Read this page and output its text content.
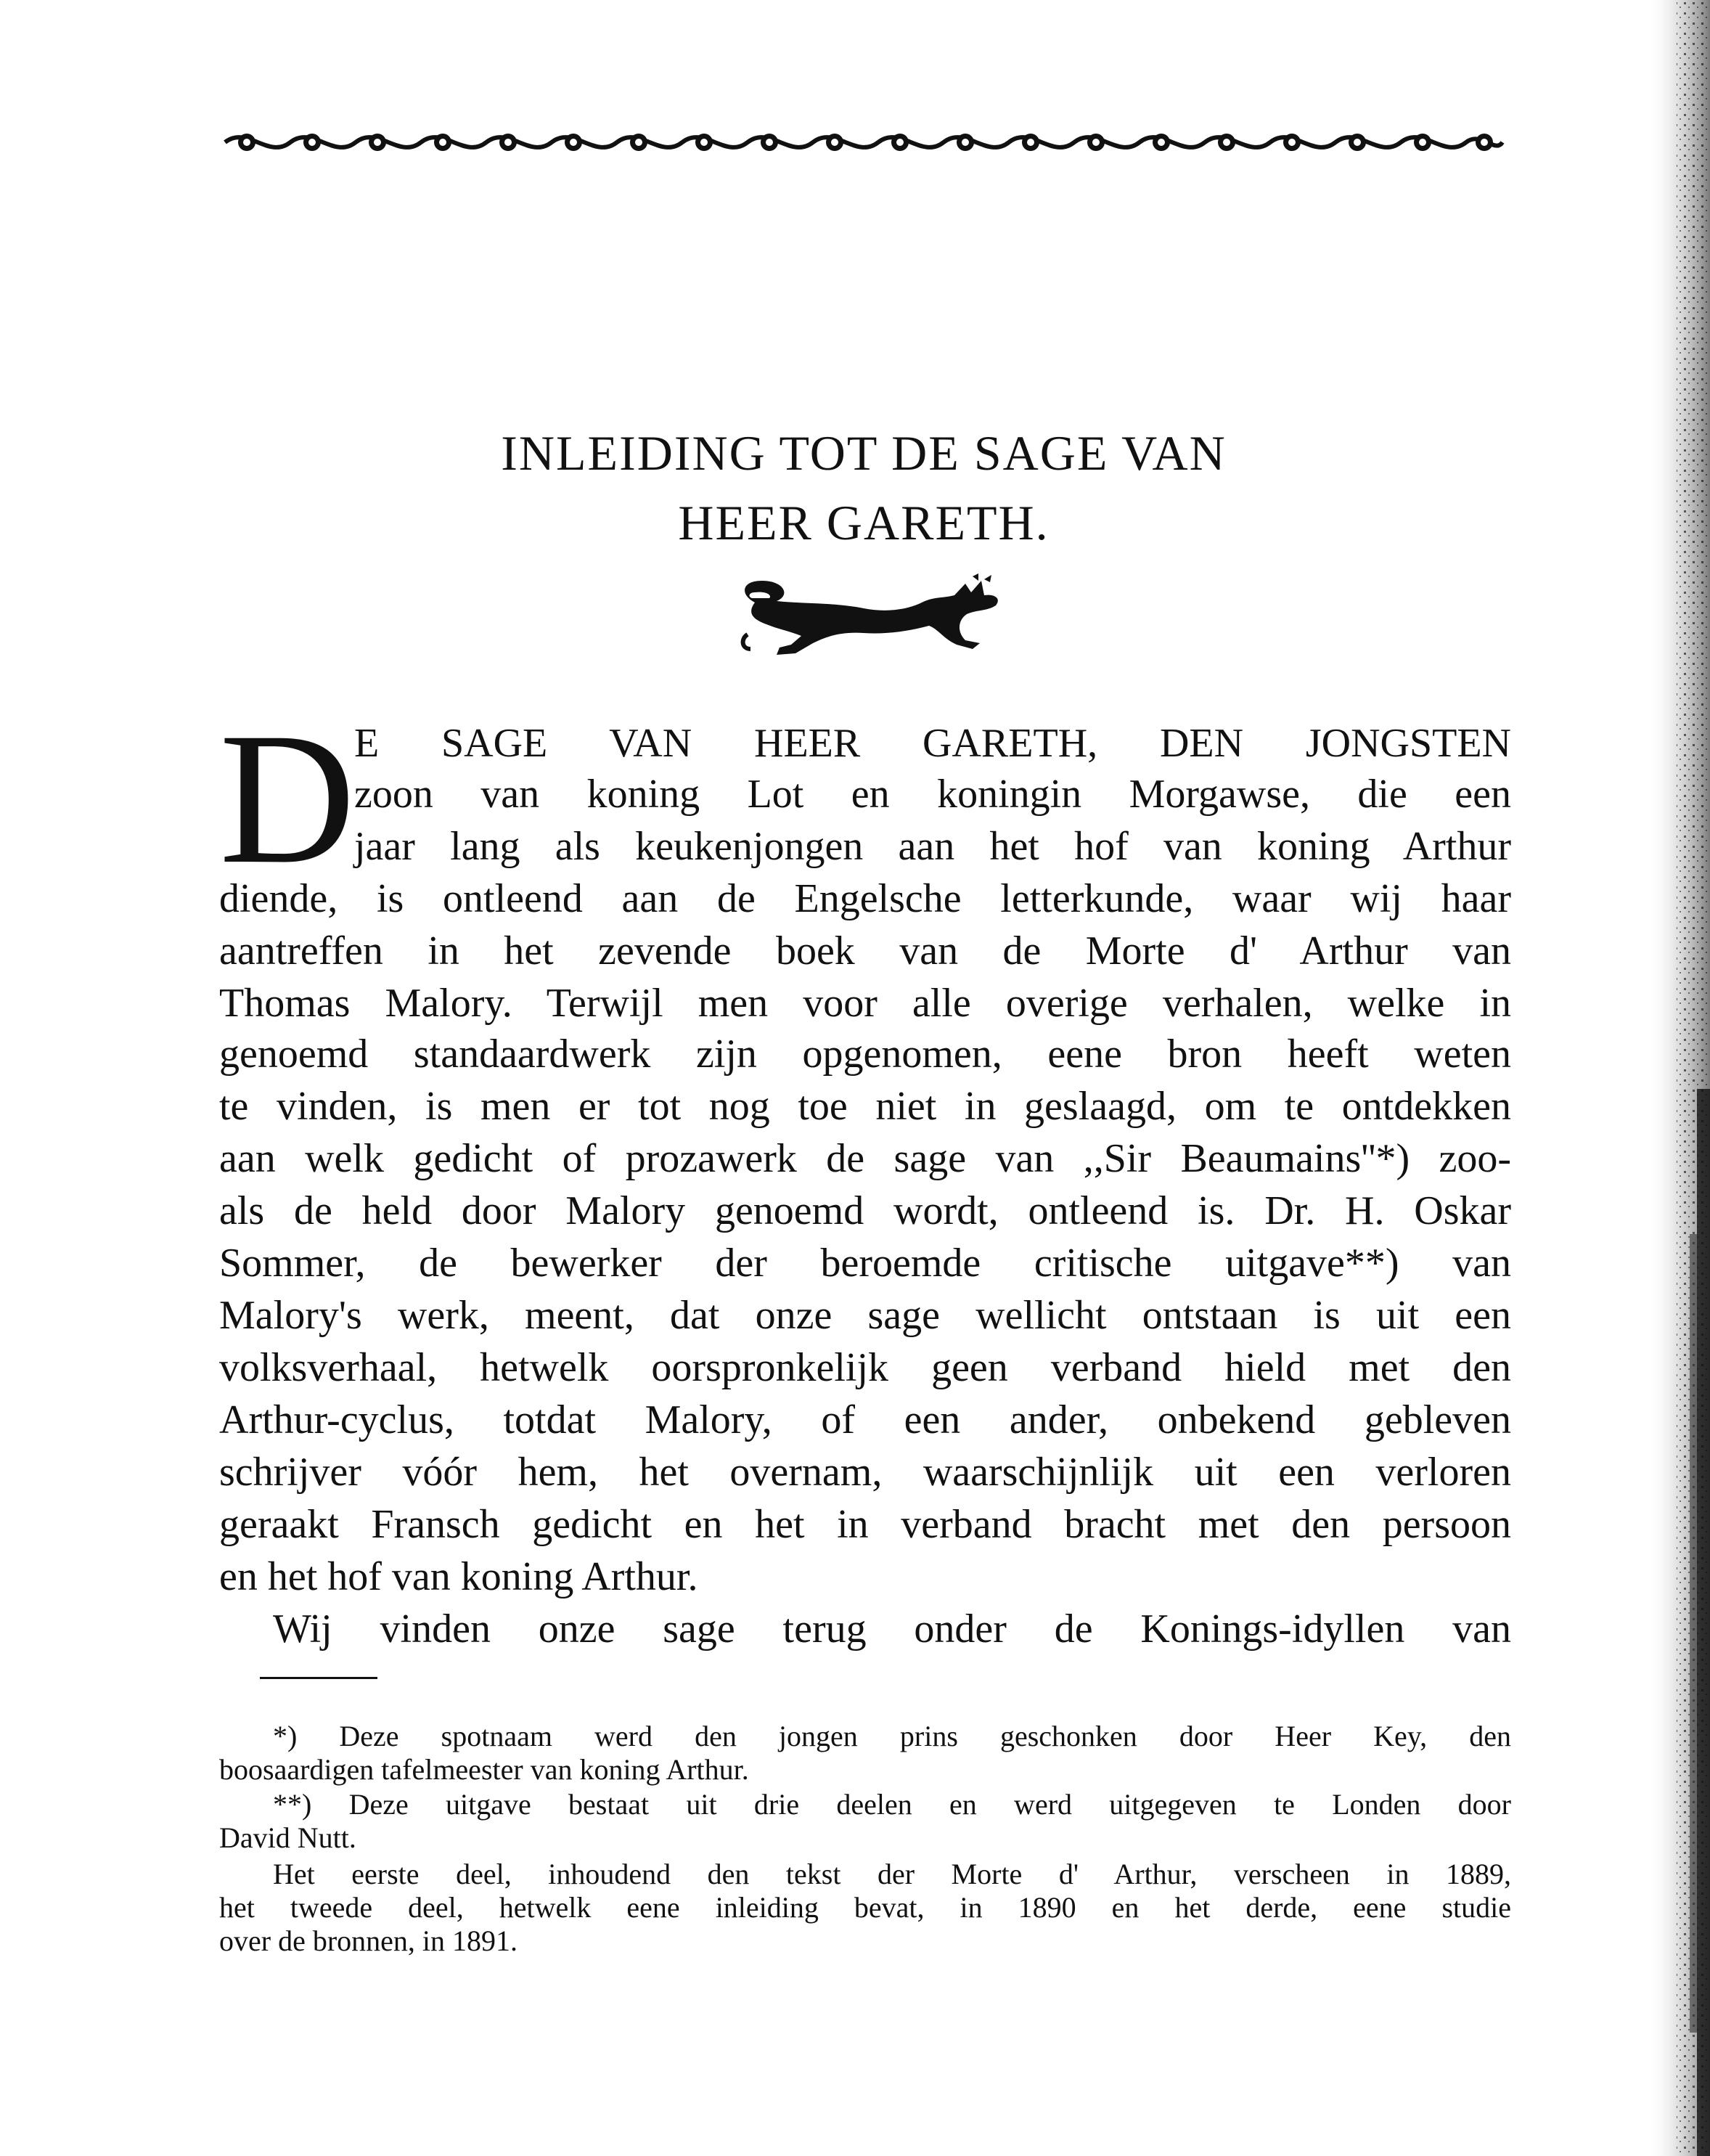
INLEIDING TOT DE SAGE VAN
HEER GARETH.
D
E SAGE VAN HEER GARETH, DEN JONGSTEN
zoon van koning Lot en koningin Morgawse, die een
jaar lang als keukenjongen aan het hof van koning Arthur
diende, is ontleend aan de Engelsche letterkunde, waar wij haar
aantreffen in het zevende boek van de Morte d' Arthur van
Thomas Malory. Terwijl men voor alle overige verhalen, welke in
genoemd standaardwerk zijn opgenomen, eene bron heeft weten
te vinden, is men er tot nog toe niet in geslaagd, om te ontdekken
aan welk gedicht of prozawerk de sage van ,,Sir Beaumains''*) zoo-
als de held door Malory genoemd wordt, ontleend is. Dr. H. Oskar
Sommer, de bewerker der beroemde critische uitgave**) van
Malory's werk, meent, dat onze sage wellicht ontstaan is uit een
volksverhaal, hetwelk oorspronkelijk geen verband hield met den
Arthur-cyclus, totdat Malory, of een ander, onbekend gebleven
schrijver vóór hem, het overnam, waarschijnlijk uit een verloren
geraakt Fransch gedicht en het in verband bracht met den persoon
en het hof van koning Arthur.
Wij vinden onze sage terug onder de Konings-idyllen van
*) Deze spotnaam werd den jongen prins geschonken door Heer Key, den
boosaardigen tafelmeester van koning Arthur.
**) Deze uitgave bestaat uit drie deelen en werd uitgegeven te Londen door
David Nutt.
Het eerste deel, inhoudend den tekst der Morte d' Arthur, verscheen in 1889,
het tweede deel, hetwelk eene inleiding bevat, in 1890 en het derde, eene studie
over de bronnen, in 1891.
